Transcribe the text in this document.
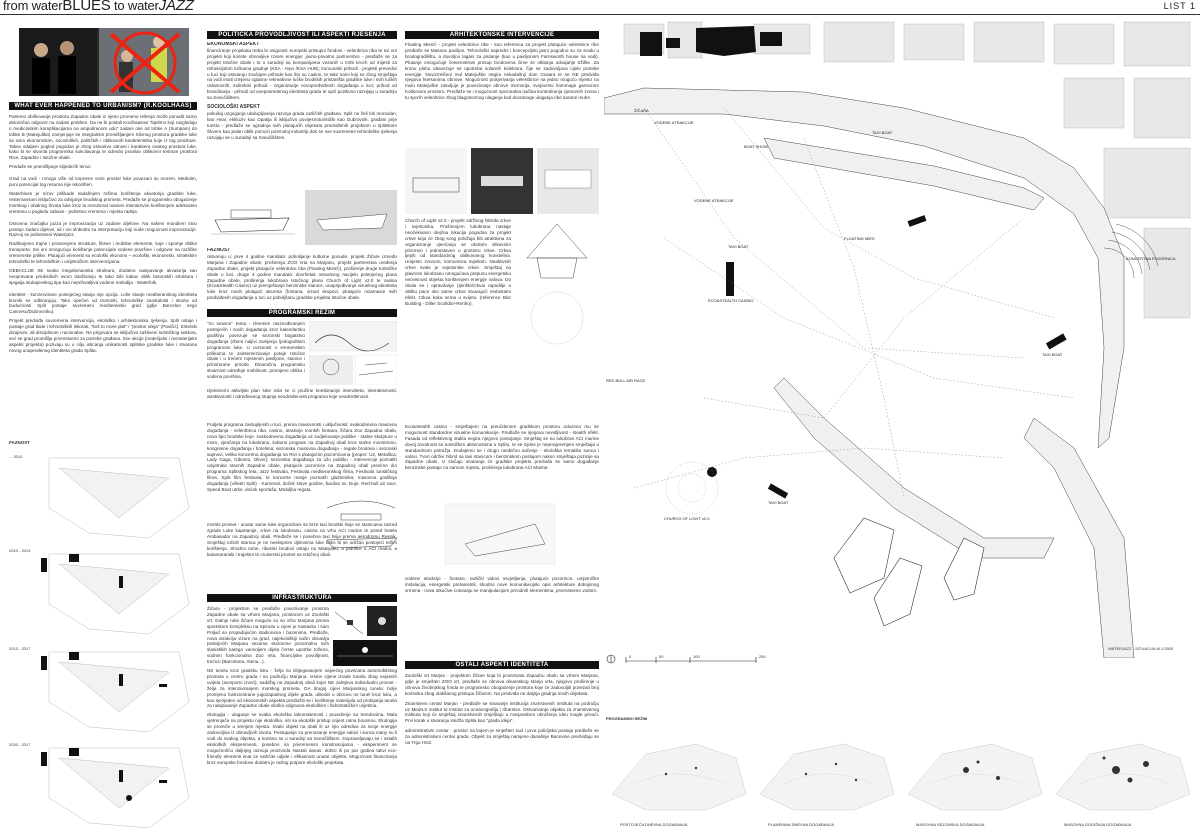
from waterBLUES to waterJAZZ	LIST 1
WHAT EVER HAPPENED TO URBANISM? (R.KOOLHAAS)

Pariemo obilkovanje prostora Zapadne obale iz njeno promenu rešenja može ponudit samo delomičan odgovor na zadani problem. Da ne bi postali Koolhaasovi "bjeltmo koji razgledaju o medicinskim komplikacijama na amputiranom udu" zadani ose od tobke A (Sumpam) do tobke B (Matejuška) zamjenjuje se integralnim promišljanjem Silvnog prostora gradske luke sa svim ekonomskim, socioloških, političkih i oblikovnih karakteristika koje iz tog proizlaze. Takav odaljem pogled pogodan je zbog ostvarivo odnosi i karaktera ovakog prostora luke, kako bi se stvorila programska sukcilavanja te odredio pravilan oblikovni tretman prostora Rive, Zapadne i Istočne obale.

Predaže se promišljanje slijedećih tema:

Grad na vodi - mnogo više od kopnene veze prostor luke povezani su morem. Međutim, puni potencijal tog resursa nije iskorišten.

Waterblues je nizov prilikade sadašnjem režimu korištenja akvatorija gradske luke, restervansom isključivo za odvijanje brodskog prometa. Predaže se programsko obogaćenje morskog i obalnog Šivota luke kroz la nezuhnrat namien interaknvim korištenjem adekvatno vremenu u pogledu zabave - jedinstvo vremena i mjesta radnje.

Osnovna značajka jazza je improvizacija uz zadane dijelove. Na našem mondiem otou postoje zadani dijelovi, ali i oni slobodni za interpretaciju koji nude mogućnost improvizacije. Razvoj se jedinstveni Waterjazz.

Razlikujemo trajne i promenjene strukture, fiksne i mobilne elemente, koje i spomje oblike transporta. Svi oni omogućuju korištenje potencijale vodene površine i odgovor na različite vremenske prilike. Plutajući elementi su ecološki ekonomi – ecološki, ekonomski, sintetskim tehnološki te tehnološkim i umjetničkim intervencijama.

OEBACLUE SE svako megalomanska struktura, dodatno nasipavanje akvatorija van neopravane predvidivih ovom istaživanju te tako bilo kakav oblik betonskih struktura i sjegaija stubajevskog tipa kao neprihvatljiva vodene melodija - Waterfolk.

Identitet - konzervirane postojećeg stanja nije opcija. Loše stanje mediteranskog identiteta kruniki se odbiranjuju. Tako opečen od tromosti, tehnološke zaostalosti i straha od budućnosti Split postaje suvremeni mediteranski grad (gdje Barcelon nego Cannesu/Dubrovniku).

Projekt predviđa suvremena intervencija, ekološko i arhitektonska rješenja. Split ostaje i postaje grad tlaite i tehnoloških iskorak, "koš to more plat" i "prostor ideja" (Pavičić). Estetski dizajnom, ali disciplinom i racionalan. Ne prigovara se isključivo zaštiveni turističkog sektora, već se grad promišlja prvenstveno za potrebe građana. Sve akcije (materijalni i nematerijalni aspekti projekta) pozivaju su u cilju isticanja unikatnosti splitske gradske luke i stvarana novog unapređenog identiteta grada Splita.

FAZNOST
... 2010
2010 - 2013
2013 - 2017
2020 - 2017
POLITIČKA PROVODLJIVOST ILI ASPEKTI RJEŠENJA
EKONOMSKI ASPEKT

financiranje projekata treba bi osigurati: europski pristupni fondovi - velenbrica riba te svi oni projekti koji koriste obnovljive izvore energije; javno-privatno partnerstvo - predlaže se za projekt Istočne obale i to u suradnji sa kompanijama vezanih u mrbi kroch od mijesti za refrakcijskim točkama gradnje (KSA - repo /KSA HUB); komunalni prihodi - projekti prevedivi u luci koji ostvaruju značajne prihode kao što su casino, te tako sami koji se zbog smještaja na vodi imati izmjenu oglasne rekreativne lučke brodskih pristaništa gradske luke i svih lučkih ustanovnih; indirektni prihodi - organizacije novopredviđenih događanja u luci; prihod od brandiranja - prihodi od uneposredenog identiteta grada te opći pozitivno razvijaju u suradnju sa Sveučilištem.

SOCIOLOŠKI ASPEKT

pokušaj uzgoganja ukalupljivanja razvoja grada različitih građana. Split ne želi biti monodan, kao Hvar, ekkluziv kao Opatija ili isključivo povijesnoturistički kao Dubrovnik. građani prije turista - predlaže se ugradnja svih plutajućih objekata predviđenih projektom u splitskom Škveru kao jedan oblik pomoći posrnuloj industriji dok se sve suvremene tehnološke rješenja razvijaju se u suradnji sa Sveučilištem.

FAZNOST

ostvaruju u: prve 4 godine mandata: pobolijanje kulturne ponude, projekt Žičare između Marjana i Zapadne obale, proširenja ZOO vrta na Marjanu, projekt partnerstva uređenja Zapadne obale, projekt plutajuće velentnice riba (Floating Mies©), proširenje druge turističke obale u luci. druge 4 godine mandata: dovršetak ostvarivog nacijelu postojećeg plana Zapadne obale, proširenja lukobrana Istočnog plana Church of Light v2.0 te casina (Eco&Stealth Casino) uz premještanje benzinske stanice, unaprijeđivanje vizuelnog identiteta luke kroz novih plutajući akcenta (fontana, vizual skupovi, plutajuće nizarnaice svih predviđenih događanja u luci uz poboljšanu gradske projekta Istočne obale.

PROGRAMSKI REŽIM

"no season" tema - Ilinemim raszovđivanjem postojećih i novih događanja kroz kalendarsku godišnju povezuje se sezonski bogatstvo događanja (zbirni naljivi zamjenju ljedogođinim programom luke. U uvrsnosti o vremenskim prilikama te zaintersezivanje potaje Istočne obale i u trećem mjesenim paviljone, stanice i prinomrane prirode. Dinamičnu programsku stvarnost određuje mobilnost, promjene oblika i vodena površina.

Djelotvorni aktivijski plan luke osla se ci pružine kombinacije intenziteta, interaktivnosti, atraktivnosti i određivanog stupnja neodređenosti programa koje neodređenosti.

Podjela programa zastupljenih u luci, prema masovnosti i uključivosti: svakodnevna masovna događanja - velentbrica riba, casino, atrakcije monkih fontana, žičara Zoo Zapadna obala, nova tipo brodske knje. svakodnevna događanja uz sudjelovanje publike - stalne skulpture u moru, vjenčanja na lukobranu, kulturni program na Zapadnoj obali kroz stalne monstrionu, kongresne događanja i hotelima; sezonska masovna događanja - regate brodova i sezonski sajmovi, velika koncertna događanja na Rivi s plutajućim pozornicama (proper: U2, Metallica, Lady Gaga, Gibonni, Oliver); sezonska događanja za užu publiku - intervencije poznatih umjetnika stavnih Zapadne obale, plutajuće pozornice na Zapadnoj obali prezirne dio programa Splitskog leta, Jazz festivala, Festivala mediteranskog filma, Festivala turističkog filma, Split film festivala, te koncerte manje poznatih glazbenika; masovna godišnja događanja (višetiri Split) - Karneval, doček Nove godine, bacilan sv. Duje, Red-bull air race, Speed Boat utrke, doček sportaša, Mrduljka regata.

morski promet - unutar same luke organizirani se brze taxi brodski linije se stanicama razred zgrade Luke kapetanije, crkve na lukobranu, casina na vrhu ACI marine te pored hotela Ambasador na Zapadnoj obali. Predlaže se i posebna taxi linija prema aerodromu Resnik. Smještaj ručnih stanica je ne neekspnim djelovima luke kako bi se održao postojeći režim korištenja. Shodno tome, ribarski brodovi ostaju na Matejuški, a jedrilice u ACI marini, a katamaranski i trajektni te cruiserski promet na Istočnoj obali.

INFRASTRUKTURA

Žičara - projektom se predlaže povezivanje prostora Zapadne obale sa vrhom Marjana, prostorom uz Zoološki vrt. Dalnje ruke žičare moguće su sa vrha Marjana prema sportskom kompleksu na Spinutu u cijeni je nastavku i sam Poljud sa propadajućim stadionima i bazenima. Predlaže, nova atrakcija vizure na grad, najekološkiji način obnavlja postojećih Marjana vezama sluzonme pozornalnu svih slanistikih katego vansoljem dijela čvrste upotrbe toženo, vodnim funkcionalna Zoo vrta, financijske povolljnost, trećicu (Barcelona, Atena...).

NE tunelu kroz gradsku luku - želja za izbjegavanjem najvećeg povećana automobilskog prometa u centru grada i na području Marjana, vrsine cijene izrade tunela zbog nejasnih uvijeta (sumporni izvori), saddžaj na Zapadnoj obali kojei NE zahtjeva individualni promet - želja za intenziviranjem morskog prometa. DA drugoj cijevi Marjanskog tunela: bolje promjeno funkcionirane jugozapadnog dijele grada, ulitedei u obnovu ne tunel kroz luku, a kao njezjeden od ekonomskih aspekta predložiti se i korištenje materijala od probijanja tunela za nasipavanje Zapadne obale okolko odgovora ekološkim i hidrostatičkim uvjetima.

ekologija - ulaganje se svaka ekološka takomistenosti i povodenje sa trendovima. Mala vjetrenjača na projektu nije ekološka, niti sa ekološki pristup orijent ratna bousnou. Ekologija se promiče u smnjem mjesta. Svaki objekt na obali ili uz njio odrediva za svoje energije zadovoljiva iz obnovljivih izvora. Postupanje za prenosanje energije valovi i sunca many su li vodi do svakog objekta, a korisno se u suradnji sa Sveučilištem. Dopraveljavaju se i ostalih ekoloških eksperimenti, posebno na privremenim konstrukcijama - eksperiment se mogućnošću daljnjeg razvoja proizvoda Nastali danas, dobro ili po par godina takvi eco-friendly elementi imat će različite udjele i efikasnost unutar objekta. Mogućnost financiranja kroz europske fondove dodatni je razlog potpore ekološki projekata.

ARHITEKTONSKE INTERVENCIJE

Floating Mies© - projekt velenbrice ribe - kao referenca za projekt plutajuće velentnice ribe predlaže se Masoov paviljon. Tehnološki napredni i koncepcijski jasni pogodno su za sradu u brodogradilištu, a dovoljno lagani za plutanje (kao u paviljonom Farnsworth house na vodi). Plutanje omogućuje četverostrani prosup brodovima čime se otklanja odvajanje tržište. Za kronu plohu obavezuje se upotreba solarnih kolektora, čije se zadovoljava cijelo potrebe energije. Novozrelčeni mul Matejuške negira nekadašnji dom Gusara te se NE predviđa njegova fsersanima obnove. Mogućnost protjerivanja velentbrice na jedno mogućo mjesto na mulu Matejuške zakuljuje je povezivanje obnove memorija, svojevrsni hommage gansorom Kolikovom prostoru. Predlaže se i mogućnost opcionalna načina kontroliranja cjenovnih zvona i tu sporih velenbrice zbog blagotvornog ulaganja kod dvoranoge ulaganja ribe tiarane muhe.

Church of Light v2.0 - projekt održivog hibrida crkve i svjetionika. Proširenjem lukobrana nastaje neočekivano idejčna lokacija pogodna za projekt crkve koja će zbog svog položaja biti atraktivna za organiziranje vjenčanja se okolnim slikovnim prizorom i jednostavno u prostoru crkve. Crkva ljepši od standardnog oblikovanog konstelina. Umjesto zvonom, komunicira svjetlom. Neaktivnih crkve svaki je svjetionike crkve. Smještaj na glavnom lukobranu omogućava potpunu energetsku neovisnost objekta korištenjem energije valova. Do obala se i opravdanje (Ijsnšte/crkvai rapodilje u obliku pace oko same crkve stvarajući nedostatni efekt. Crkva koka nema u svijetu. (reference Blur Building - Diller Scofidio+Renfro).

Eco&Stealth casino - smještajem na preučdenom gradskom prostoru oduzima mu se mogućnost standardne vizualne komunikacije. Predlaže se njegova nevidljivost - stealth efekt. Fasada od reflektivnog stakla negira njegovo postojanje. Smještaj se na lukobran ACI marine dovoj izvodnost se turističkim aktivnostima u Splitu, te se izjdne je neprovjerenjem smještaja u standardnom potražju. Dodajemu se i drugo neobično sačenje - ekološka tematiku sunca i valovi. Tvori održivi hibrid sa taxi stanicom i benzinskom postajom nakon smještaja pozicije sa Zapadne obale. U slučaju otvaranja će gradske projekta predviđa se samo događanje benzinske postaje na samom mjestu, proširenja lukobrana ACI Marine.

vodene atrakcije - fontane, različiti vidovi osvjetljenja, plutajuće pozornice, umjetničke instalacija, energetski prelvaretoli, shodno nove komunikacijski opis arhitekture dobojsnog vrmena - nova otkučive cotvaraju se manipulacijom prirodnih elementima, prvenstveno vodom.

OSTALI ASPEKTI IDENTITETA

Zoološki vrt Marjan - projektom žičare koja bi povezivala Zapadnu obalu sa vrhom Marjana, gdje je smješten ZOO vrt, predlaže se obnova dinamskog stanja vrta, njegovo proširenje u obnova životinjskog fonda te programsko obogaćenje prostora koje će zadovoljiti povezati broj korisnika zbog olakšanog pristupa žičarom. Na predviđa ne daljnja gradnja novih objekata.

Znanstveni centar Marjan - predlaže se stvaranje institucija znanstvenih instituta na području uz MedILS institut te Institut za oceanografiju i ribarstvo. Ostvarivanje objekta za znanstvenog instituta koji će smještaj znanstvenih smještaju u marjanskom okruženju ideu mogle privući. Prvi korak u stvaranju imidža Splita kao "grada ideja".

administrativni centar - prostor na kojem je smješten sud i prva policijska postaja predlaže se za administrativni centar grada. Objekt za smještaj namjene današnje Banovine predviđaju se na Trgu HSZ.

ŽIČARA
VODENE ATRAKCIJE
BOAT SHOW
VODENE ATRAKCIJE
TAXI BOAT
FLOATING MIES
TAXI BOAT
ECO&STEALTH CASINO
KONCERTNA POZORNICA
TAXI BOAT
RED BULL AIR RACE
CHURCH OF LIGHT v2.0
TAXI BOAT
0	50	100	250
WATERJAZZ - SITUACIJA M 1:2500
PROGRAMSKI REŽIM
POSTOJEĆA DNEVNA DOGAĐANJA	PLANIRANA DNEVNA DOGAĐANJA	MASOVNA SEZONSKA DOGAĐANJA	MASOVNA GODIŠNJA DOGAĐANJA
